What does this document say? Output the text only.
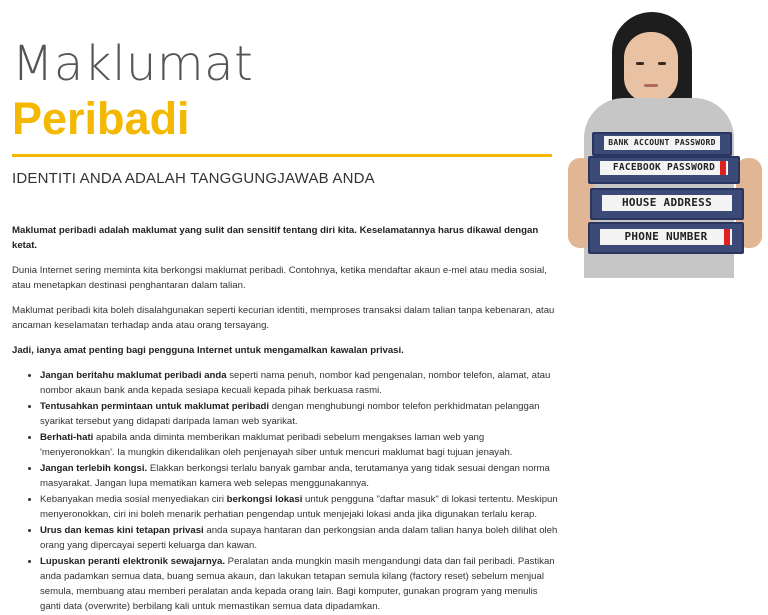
Maklumat
Peribadi
IDENTITI ANDA ADALAH TANGGUNGJAWAB ANDA
BANK ACCOUNT PASSWORD
FACEBOOK PASSWORD
HOUSE ADDRESS
PHONE NUMBER

Maklumat peribadi adalah maklumat yang sulit dan sensitif tentang diri kita. Keselamatannya harus dikawal dengan ketat.

Dunia Internet sering meminta kita berkongsi maklumat peribadi. Contohnya, ketika mendaftar akaun e-mel atau media sosial, atau menetapkan destinasi penghantaran dalam talian.

Maklumat peribadi kita boleh disalahgunakan seperti kecurian identiti, memproses transaksi dalam talian tanpa kebenaran, atau ancaman keselamatan terhadap anda atau orang tersayang.

Jadi, ianya amat penting bagi pengguna Internet untuk mengamalkan kawalan privasi.

• Jangan beritahu maklumat peribadi anda seperti nama penuh, nombor kad pengenalan, nombor telefon, alamat, atau nombor akaun bank anda kepada sesiapa kecuali kepada pihak berkuasa rasmi.
• Tentusahkan permintaan untuk maklumat peribadi dengan menghubungi nombor telefon perkhidmatan pelanggan syarikat tersebut yang didapati daripada laman web syarikat.
• Berhati-hati apabila anda diminta memberikan maklumat peribadi sebelum mengakses laman web yang 'menyeronokkan'. Ia mungkin dikendalikan oleh penjenayah siber untuk mencuri maklumat bagi tujuan jenayah.
• Jangan terlebih kongsi. Elakkan berkongsi terlalu banyak gambar anda, terutamanya yang tidak sesuai dengan norma masyarakat. Jangan lupa mematikan kamera web selepas menggunakannya.
• Kebanyakan media sosial menyediakan ciri berkongsi lokasi untuk pengguna "daftar masuk" di lokasi tertentu. Meskipun menyeronokkan, ciri ini boleh menarik perhatian pengendap untuk menjejaki lokasi anda jika digunakan terlalu kerap.
• Urus dan kemas kini tetapan privasi anda supaya hantaran dan perkongsian anda dalam talian hanya boleh dilihat oleh orang yang dipercayai seperti keluarga dan kawan.
• Lupuskan peranti elektronik sewajarnya. Peralatan anda mungkin masih mengandungi data dan fail peribadi. Pastikan anda padamkan semua data, buang semua akaun, dan lakukan tetapan semula kilang (factory reset) sebelum menjual semula, membuang atau memberi peralatan anda kepada orang lain. Bagi komputer, gunakan program yang menulis ganti data (overwrite) berbilang kali untuk memastikan semua data dipadamkan.
